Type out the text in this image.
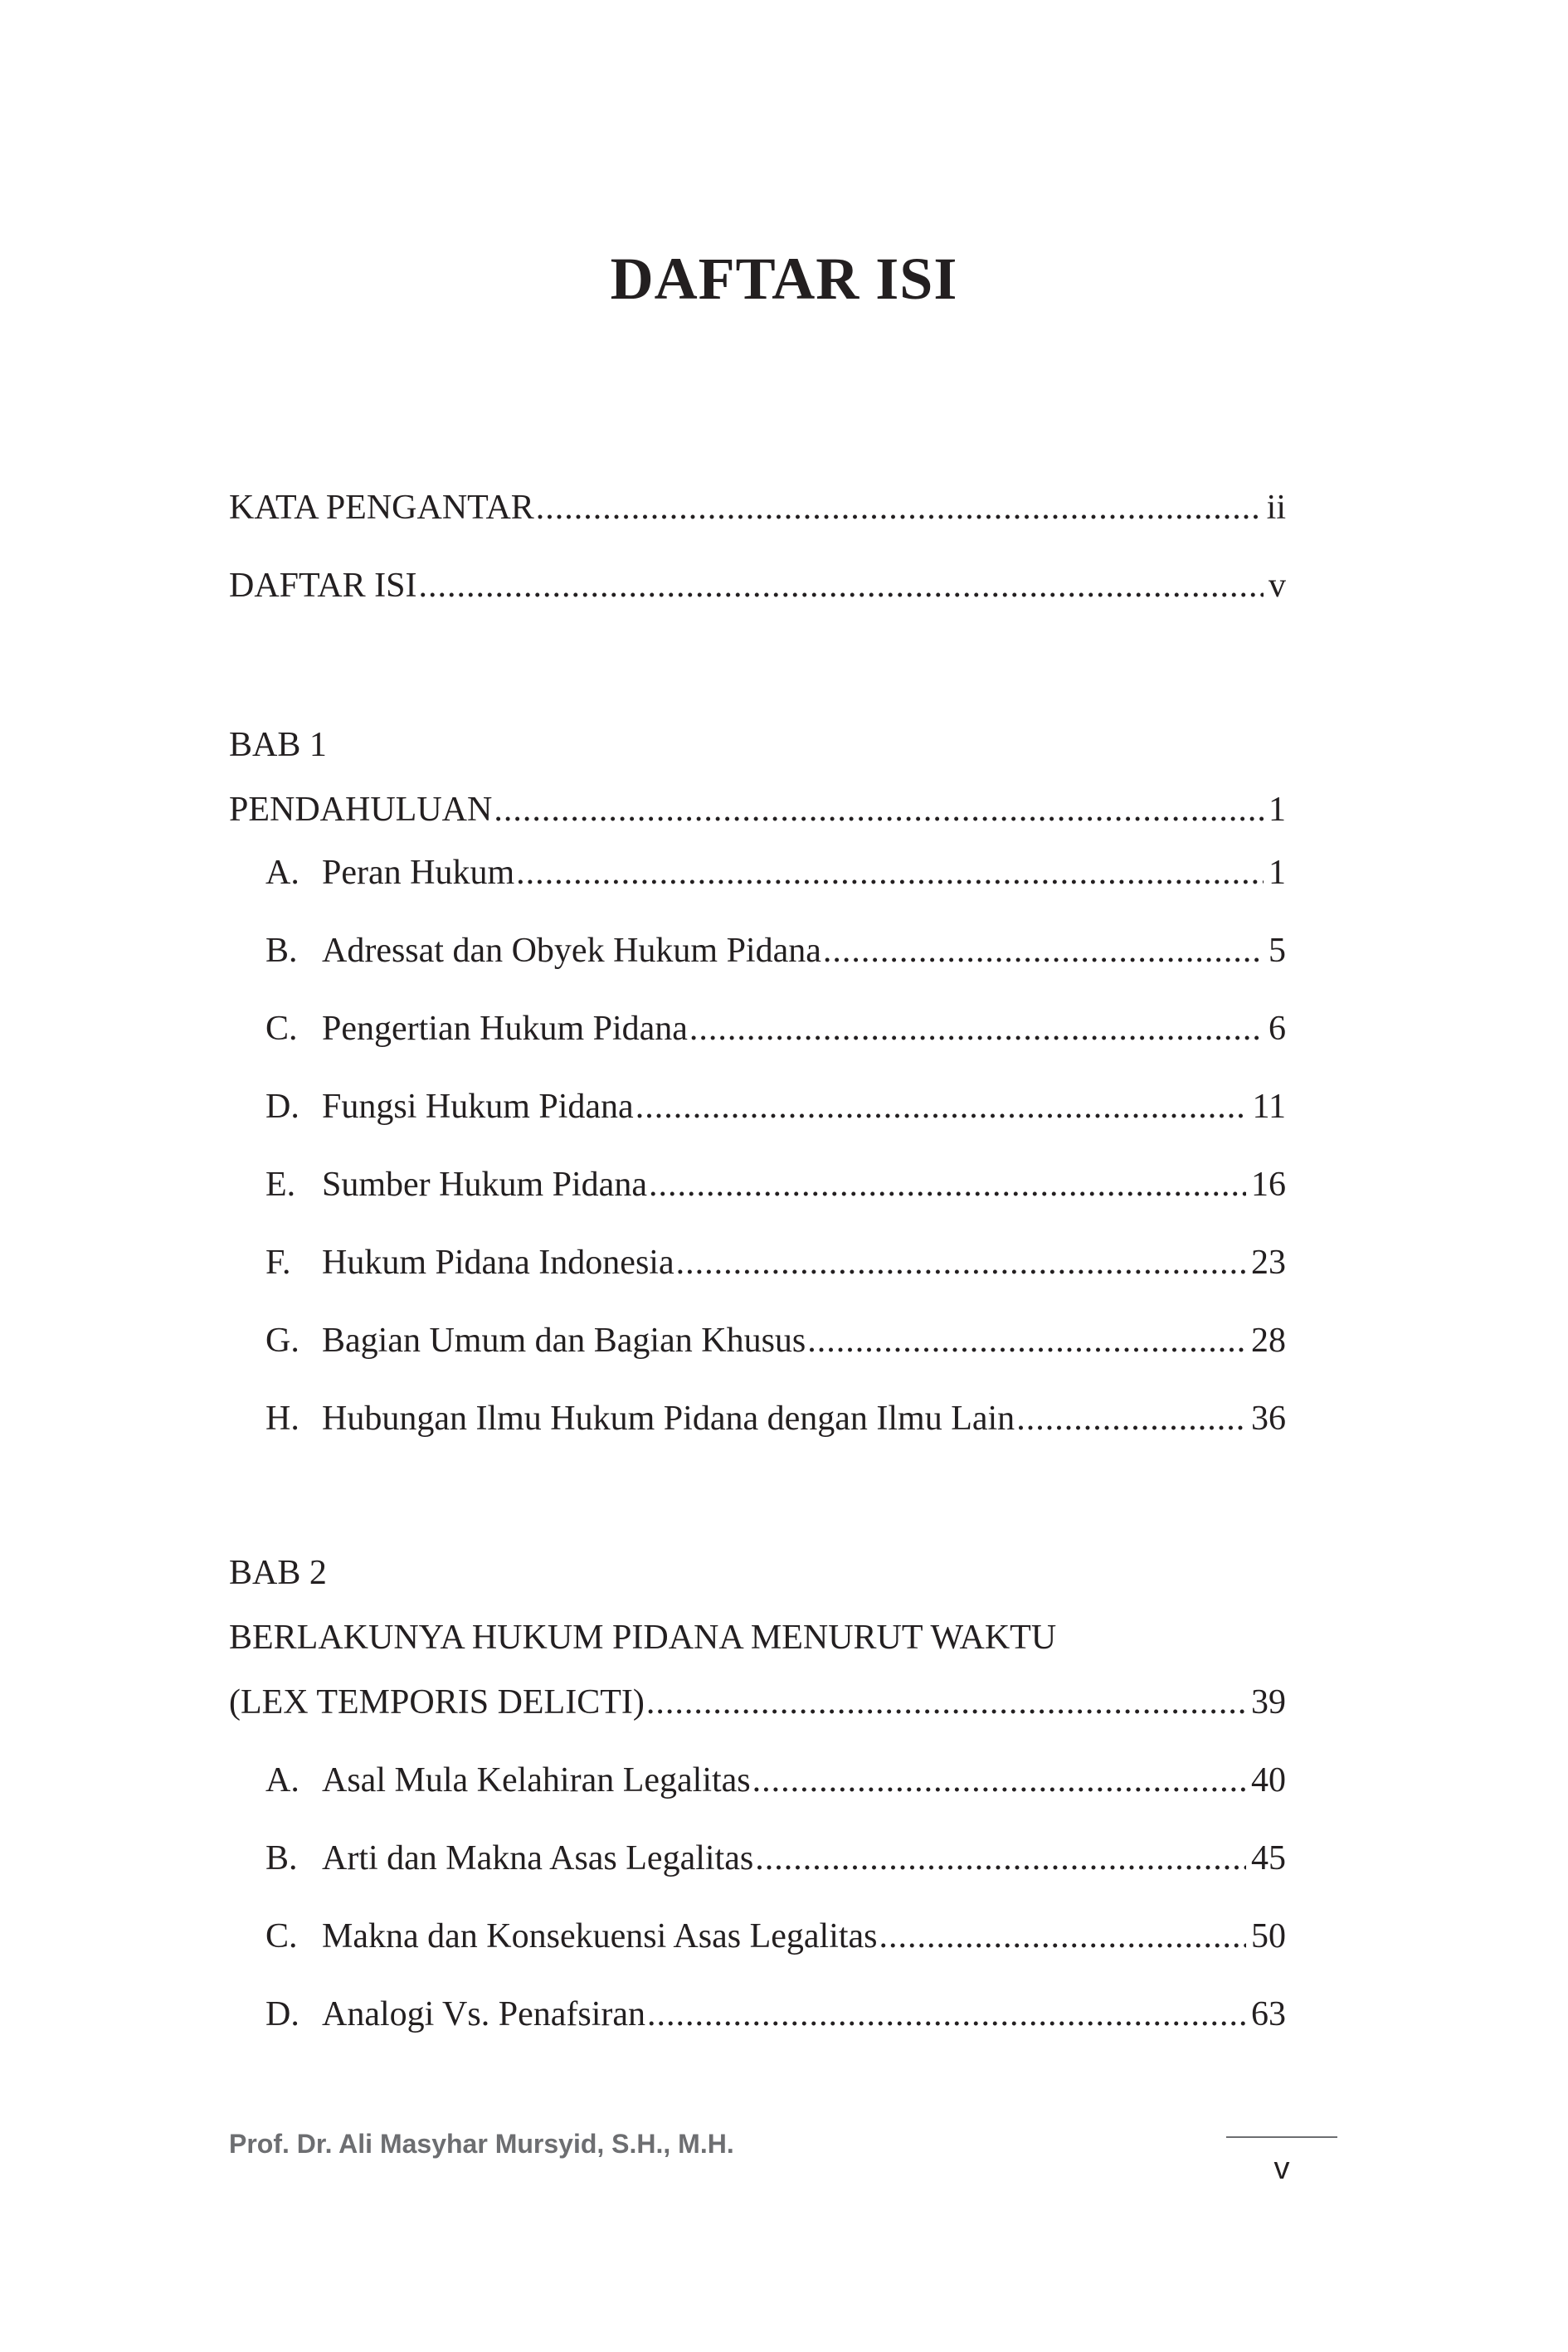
DAFTAR ISI
KATA PENGANTAR .....	ii
DAFTAR ISI .....	v
BAB 1
PENDAHULUAN .....	1
A. Peran Hukum .....	1
B. Adressat dan Obyek Hukum Pidana .....	5
C. Pengertian Hukum Pidana .....	6
D. Fungsi Hukum Pidana .....	11
E. Sumber Hukum Pidana .....	16
F. Hukum Pidana Indonesia .....	23
G. Bagian Umum dan Bagian Khusus .....	28
H. Hubungan Ilmu Hukum Pidana dengan Ilmu Lain .....	36
BAB 2
BERLAKUNYA HUKUM PIDANA MENURUT WAKTU
(LEX TEMPORIS DELICTI) .....	39
A. Asal Mula Kelahiran Legalitas .....	40
B. Arti dan Makna Asas Legalitas .....	45
C. Makna dan Konsekuensi Asas Legalitas .....	50
D. Analogi Vs. Penafsiran .....	63
Prof. Dr. Ali Masyhar Mursyid, S.H., M.H.
v
